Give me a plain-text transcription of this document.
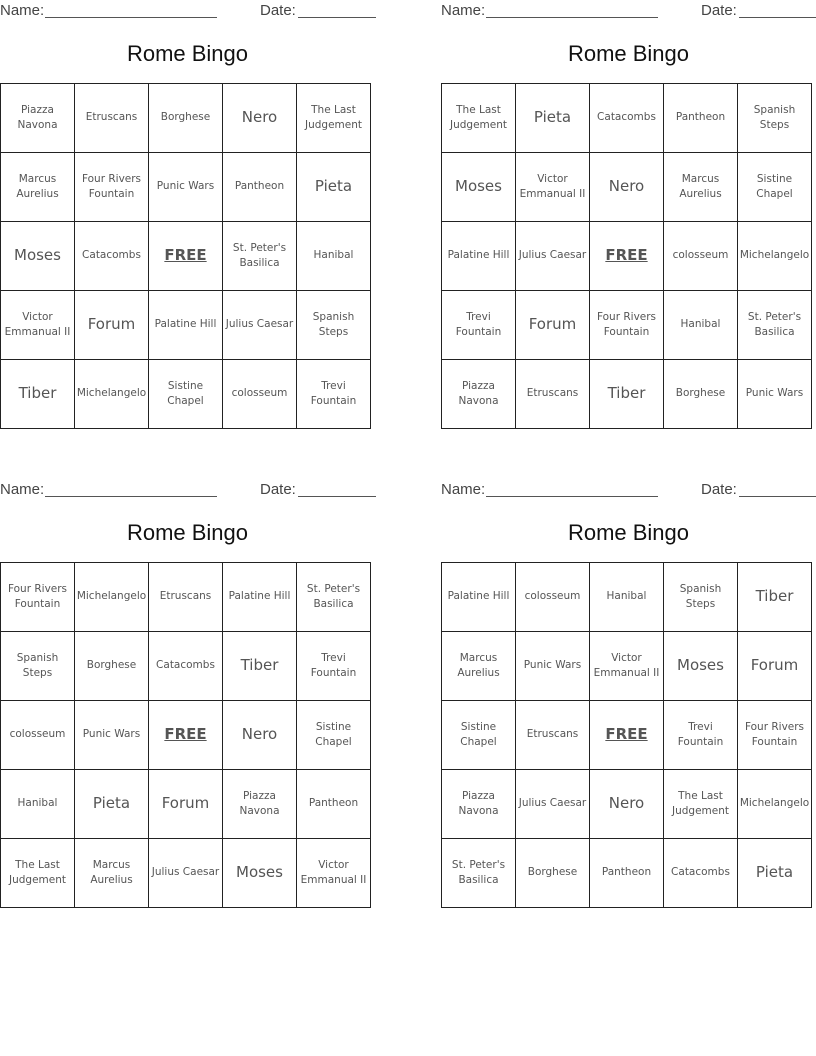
Name:	Date:
Rome Bingo
Piazza Navona	Etruscans	Borghese	Nero	The Last Judgement
Marcus Aurelius	Four Rivers Fountain	Punic Wars	Pantheon	Pieta
Moses	Catacombs	FREE	St. Peter's Basilica	Hanibal
Victor Emmanual II	Forum	Palatine Hill	Julius Caesar	Spanish Steps
Tiber	Michelangelo	Sistine Chapel	colosseum	Trevi Fountain
Name:	Date:
Rome Bingo
The Last Judgement	Pieta	Catacombs	Pantheon	Spanish Steps
Moses	Victor Emmanual II	Nero	Marcus Aurelius	Sistine Chapel
Palatine Hill	Julius Caesar	FREE	colosseum	Michelangelo
Trevi Fountain	Forum	Four Rivers Fountain	Hanibal	St. Peter's Basilica
Piazza Navona	Etruscans	Tiber	Borghese	Punic Wars
Name:	Date:
Rome Bingo
Four Rivers Fountain	Michelangelo	Etruscans	Palatine Hill	St. Peter's Basilica
Spanish Steps	Borghese	Catacombs	Tiber	Trevi Fountain
colosseum	Punic Wars	FREE	Nero	Sistine Chapel
Hanibal	Pieta	Forum	Piazza Navona	Pantheon
The Last Judgement	Marcus Aurelius	Julius Caesar	Moses	Victor Emmanual II
Name:	Date:
Rome Bingo
Palatine Hill	colosseum	Hanibal	Spanish Steps	Tiber
Marcus Aurelius	Punic Wars	Victor Emmanual II	Moses	Forum
Sistine Chapel	Etruscans	FREE	Trevi Fountain	Four Rivers Fountain
Piazza Navona	Julius Caesar	Nero	The Last Judgement	Michelangelo
St. Peter's Basilica	Borghese	Pantheon	Catacombs	Pieta
